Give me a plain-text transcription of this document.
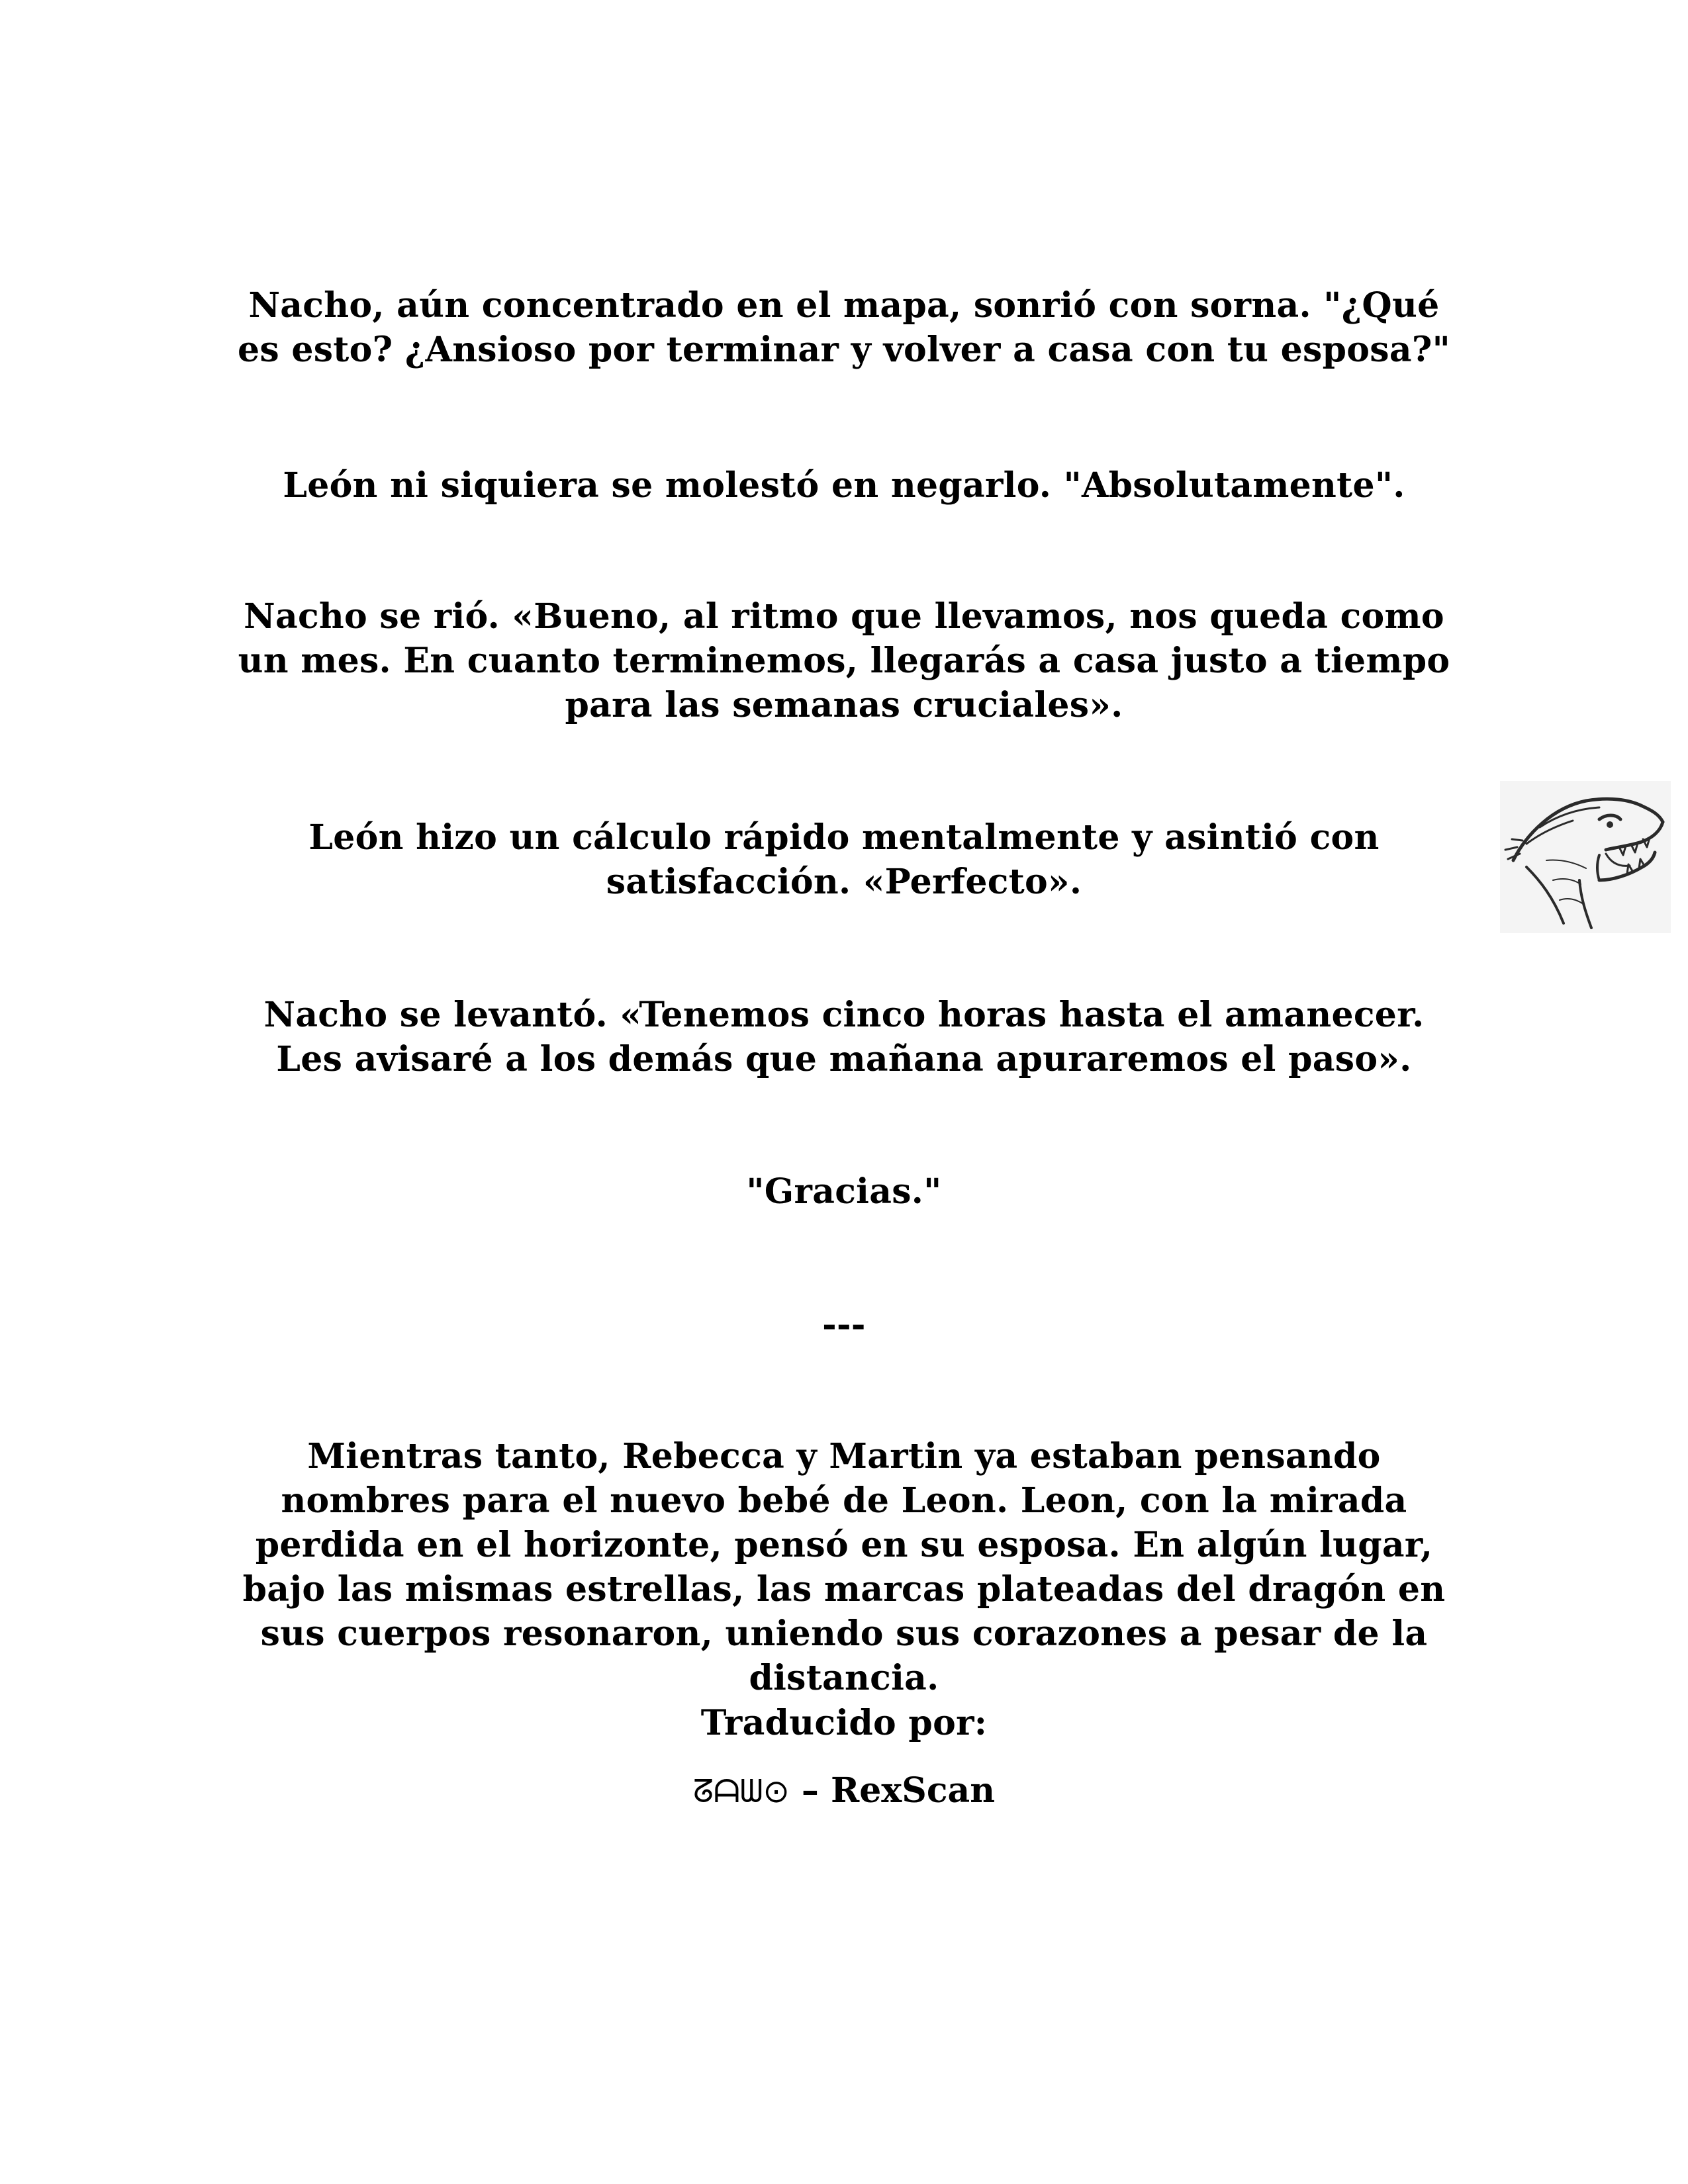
Nacho, aún concentrado en el mapa, sonrió con sorna. "¿Qué es esto? ¿Ansioso por terminar y volver a casa con tu esposa?"

León ni siquiera se molestó en negarlo. "Absolutamente".

Nacho se rió. «Bueno, al ritmo que llevamos, nos queda como un mes. En cuanto terminemos, llegarás a casa justo a tiempo para las semanas cruciales».

León hizo un cálculo rápido mentalmente y asintió con satisfacción. «Perfecto».

Nacho se levantó. «Tenemos cinco horas hasta el amanecer. Les avisaré a los demás que mañana apuraremos el paso».

"Gracias."

---

Mientras tanto, Rebecca y Martin ya estaban pensando nombres para el nuevo bebé de Leon. Leon, con la mirada perdida en el horizonte, pensó en su esposa. En algún lugar, bajo las mismas estrellas, las marcas plateadas del dragón en sus cuerpos resonaron, uniendo sus corazones a pesar de la distancia.

Traducido por:

ᘔᗩᗯ⊙ – RexScan
